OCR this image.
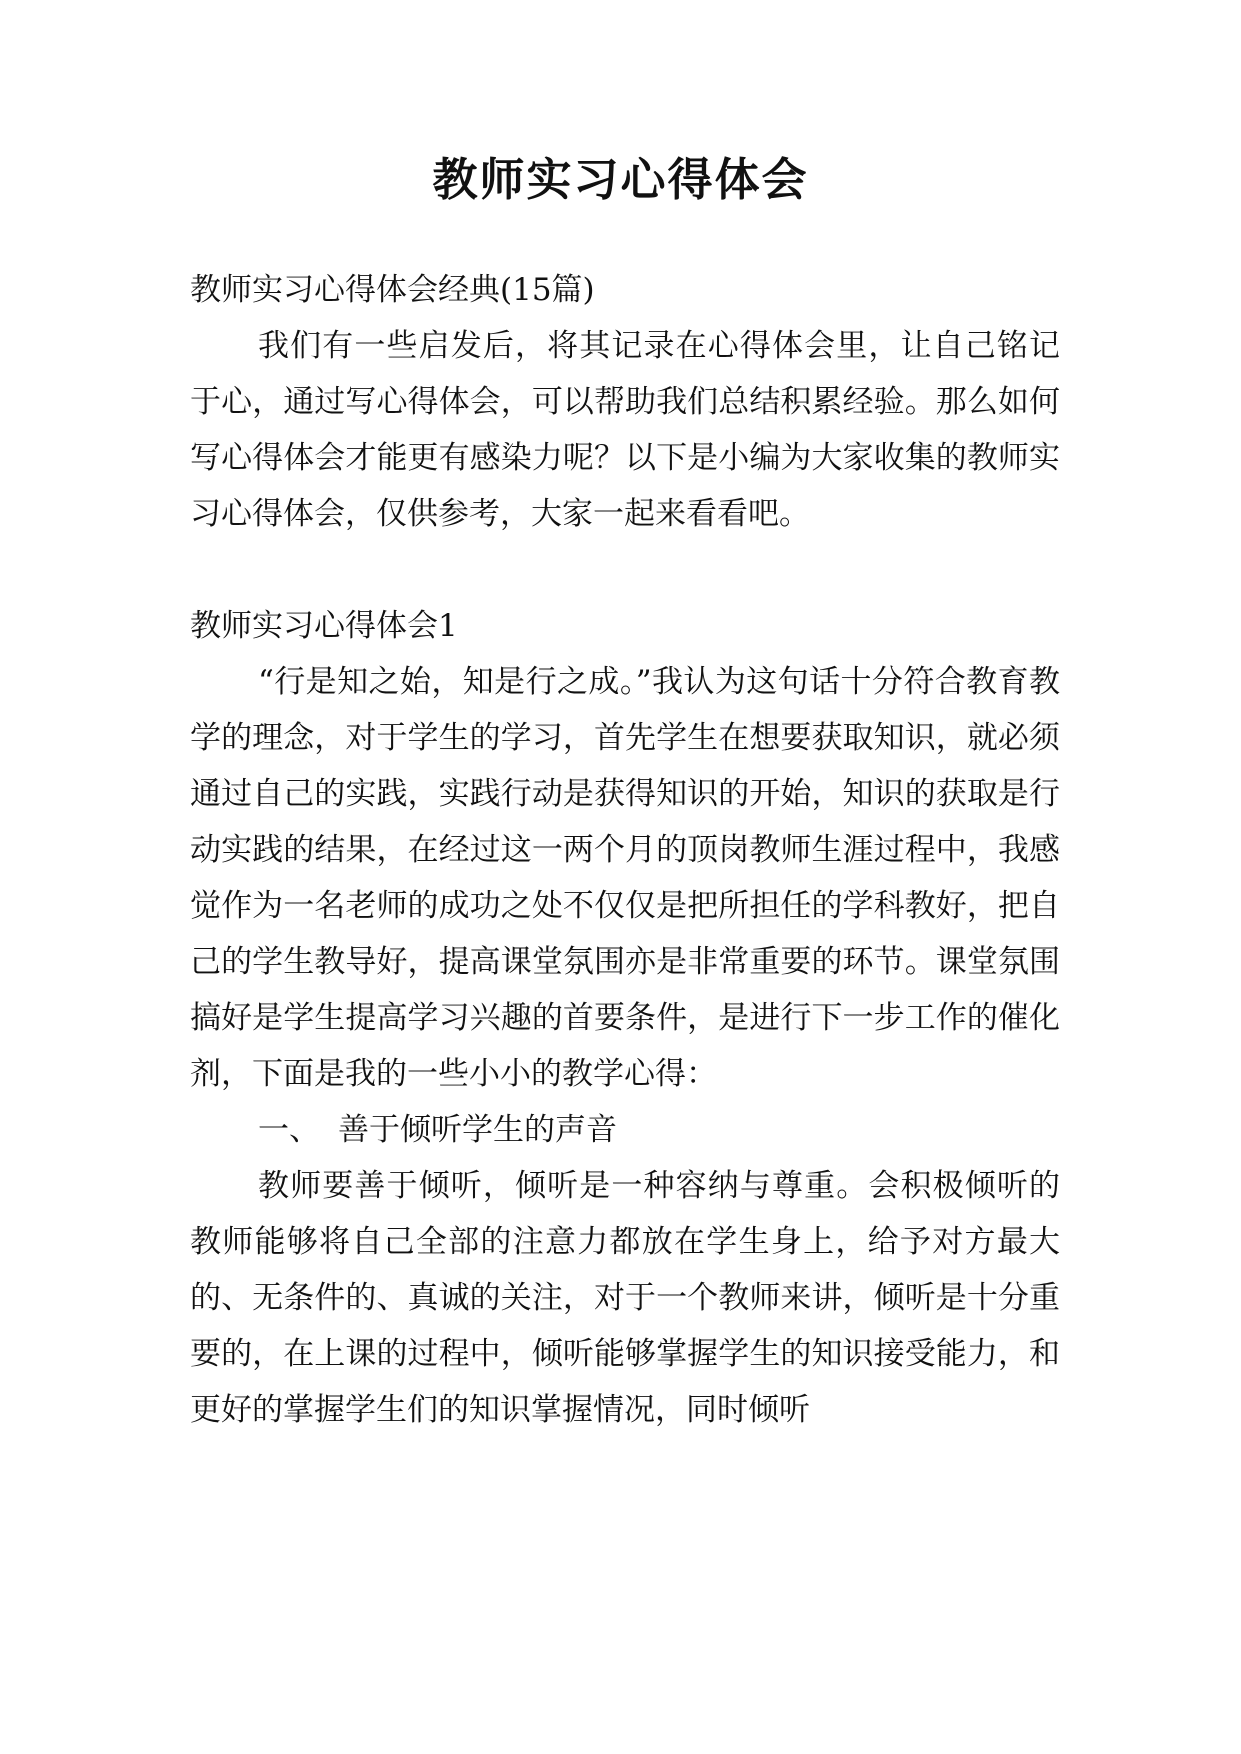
教师实习心得体会

教师实习心得体会经典(15篇)

我们有一些启发后，将其记录在心得体会里，让自己铭记于心，通过写心得体会，可以帮助我们总结积累经验。那么如何写心得体会才能更有感染力呢？以下是小编为大家收集的教师实习心得体会，仅供参考，大家一起来看看吧。

教师实习心得体会1

“行是知之始，知是行之成。”我认为这句话十分符合教育教学的理念，对于学生的学习，首先学生在想要获取知识，就必须通过自己的实践，实践行动是获得知识的开始，知识的获取是行动实践的结果，在经过这一两个月的顶岗教师生涯过程中，我感觉作为一名老师的成功之处不仅仅是把所担任的学科教好，把自己的学生教导好，提高课堂氛围亦是非常重要的环节。课堂氛围搞好是学生提高学习兴趣的首要条件，是进行下一步工作的催化剂，下面是我的一些小小的教学心得：

一、 善于倾听学生的声音

教师要善于倾听，倾听是一种容纳与尊重。会积极倾听的教师能够将自己全部的注意力都放在学生身上，给予对方最大的、无条件的、真诚的关注，对于一个教师来讲，倾听是十分重要的，在上课的过程中，倾听能够掌握学生的知识接受能力，和更好的掌握学生们的知识掌握情况，同时倾听
